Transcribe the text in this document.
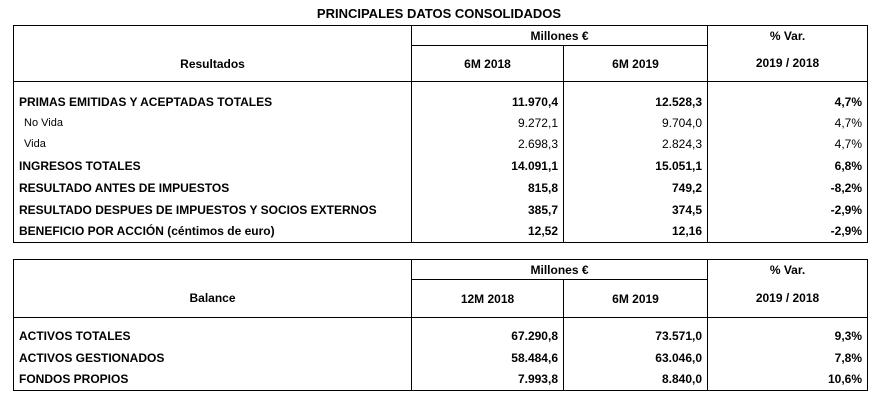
PRINCIPALES DATOS CONSOLIDADOS
Resultados	Millones €		% Var.
	6M 2018	6M 2019	2019 / 2018

PRIMAS EMITIDAS Y ACEPTADAS TOTALES	11.970,4	12.528,3	4,7%
No Vida	9.272,1	9.704,0	4,7%
Vida	2.698,3	2.824,3	4,7%
INGRESOS TOTALES	14.091,1	15.051,1	6,8%
RESULTADO ANTES DE IMPUESTOS	815,8	749,2	-8,2%
RESULTADO DESPUES DE IMPUESTOS Y SOCIOS EXTERNOS	385,7	374,5	-2,9%
BENEFICIO POR ACCIÓN (céntimos de euro)	12,52	12,16	-2,9%
Balance	Millones €		% Var.
	12M 2018	6M 2019	2019 / 2018

ACTIVOS TOTALES	67.290,8	73.571,0	9,3%
ACTIVOS GESTIONADOS	58.484,6	63.046,0	7,8%
FONDOS PROPIOS	7.993,8	8.840,0	10,6%
